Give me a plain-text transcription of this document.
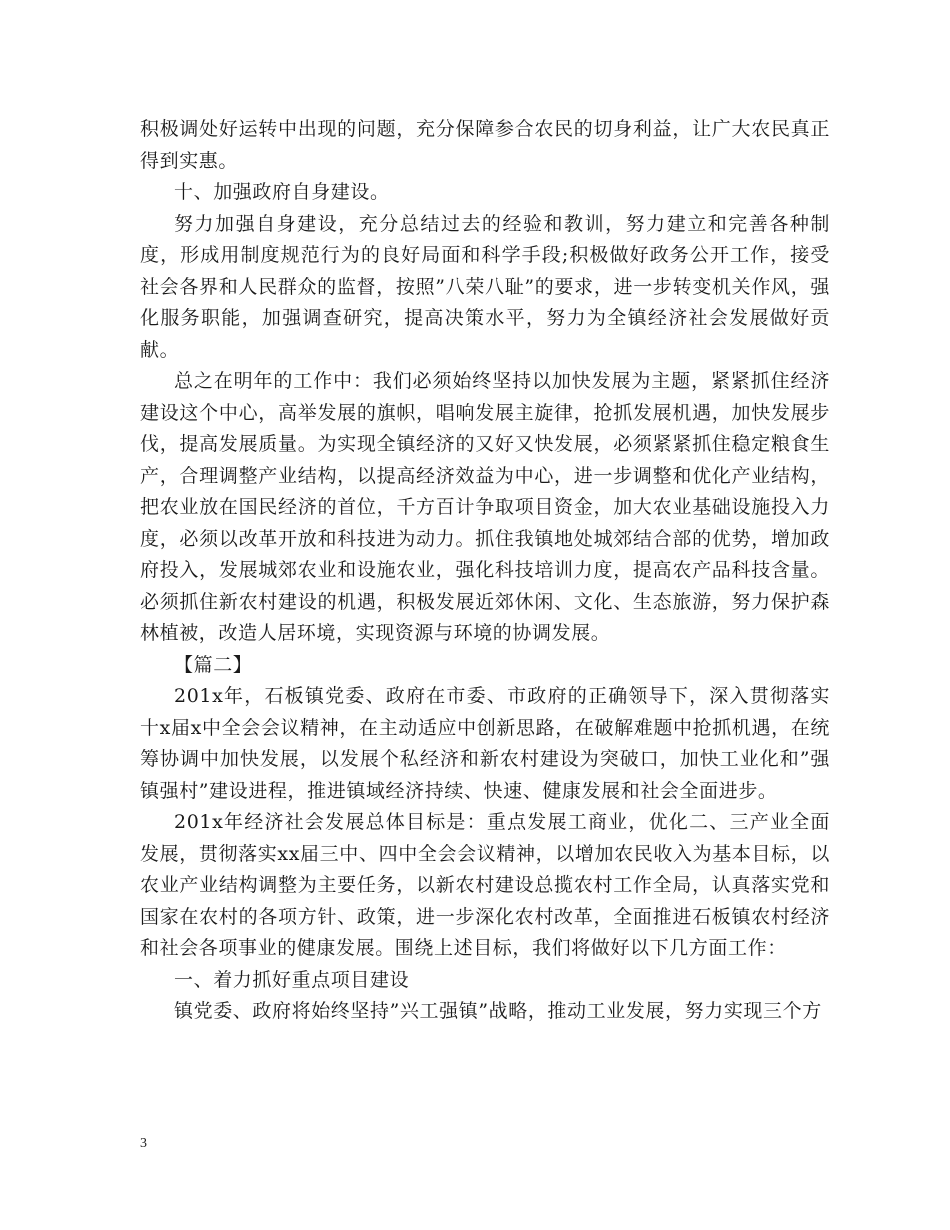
积极调处好运转中出现的问题，充分保障参合农民的切身利益，让广大农民真正得到实惠。

十、加强政府自身建设。

努力加强自身建设，充分总结过去的经验和教训，努力建立和完善各种制度，形成用制度规范行为的良好局面和科学手段;积极做好政务公开工作，接受社会各界和人民群众的监督，按照”八荣八耻”的要求，进一步转变机关作风，强化服务职能，加强调查研究，提高决策水平，努力为全镇经济社会发展做好贡献。

总之在明年的工作中：我们必须始终坚持以加快发展为主题，紧紧抓住经济建设这个中心，高举发展的旗帜，唱响发展主旋律，抢抓发展机遇，加快发展步伐，提高发展质量。为实现全镇经济的又好又快发展，必须紧紧抓住稳定粮食生产，合理调整产业结构，以提高经济效益为中心，进一步调整和优化产业结构，把农业放在国民经济的首位，千方百计争取项目资金，加大农业基础设施投入力度，必须以改革开放和科技进为动力。抓住我镇地处城郊结合部的优势，增加政府投入，发展城郊农业和设施农业，强化科技培训力度，提高农产品科技含量。必须抓住新农村建设的机遇，积极发展近郊休闲、文化、生态旅游，努力保护森林植被，改造人居环境，实现资源与环境的协调发展。

【篇二】

201x年，石板镇党委、政府在市委、市政府的正确领导下，深入贯彻落实十x届x中全会会议精神，在主动适应中创新思路，在破解难题中抢抓机遇，在统筹协调中加快发展，以发展个私经济和新农村建设为突破口，加快工业化和”强镇强村”建设进程，推进镇域经济持续、快速、健康发展和社会全面进步。

201x年经济社会发展总体目标是：重点发展工商业，优化二、三产业全面发展，贯彻落实xx届三中、四中全会会议精神，以增加农民收入为基本目标，以农业产业结构调整为主要任务，以新农村建设总揽农村工作全局，认真落实党和国家在农村的各项方针、政策，进一步深化农村改革，全面推进石板镇农村经济和社会各项事业的健康发展。围绕上述目标，我们将做好以下几方面工作：

一、着力抓好重点项目建设

镇党委、政府将始终坚持”兴工强镇”战略，推动工业发展，努力实现三个方

3
